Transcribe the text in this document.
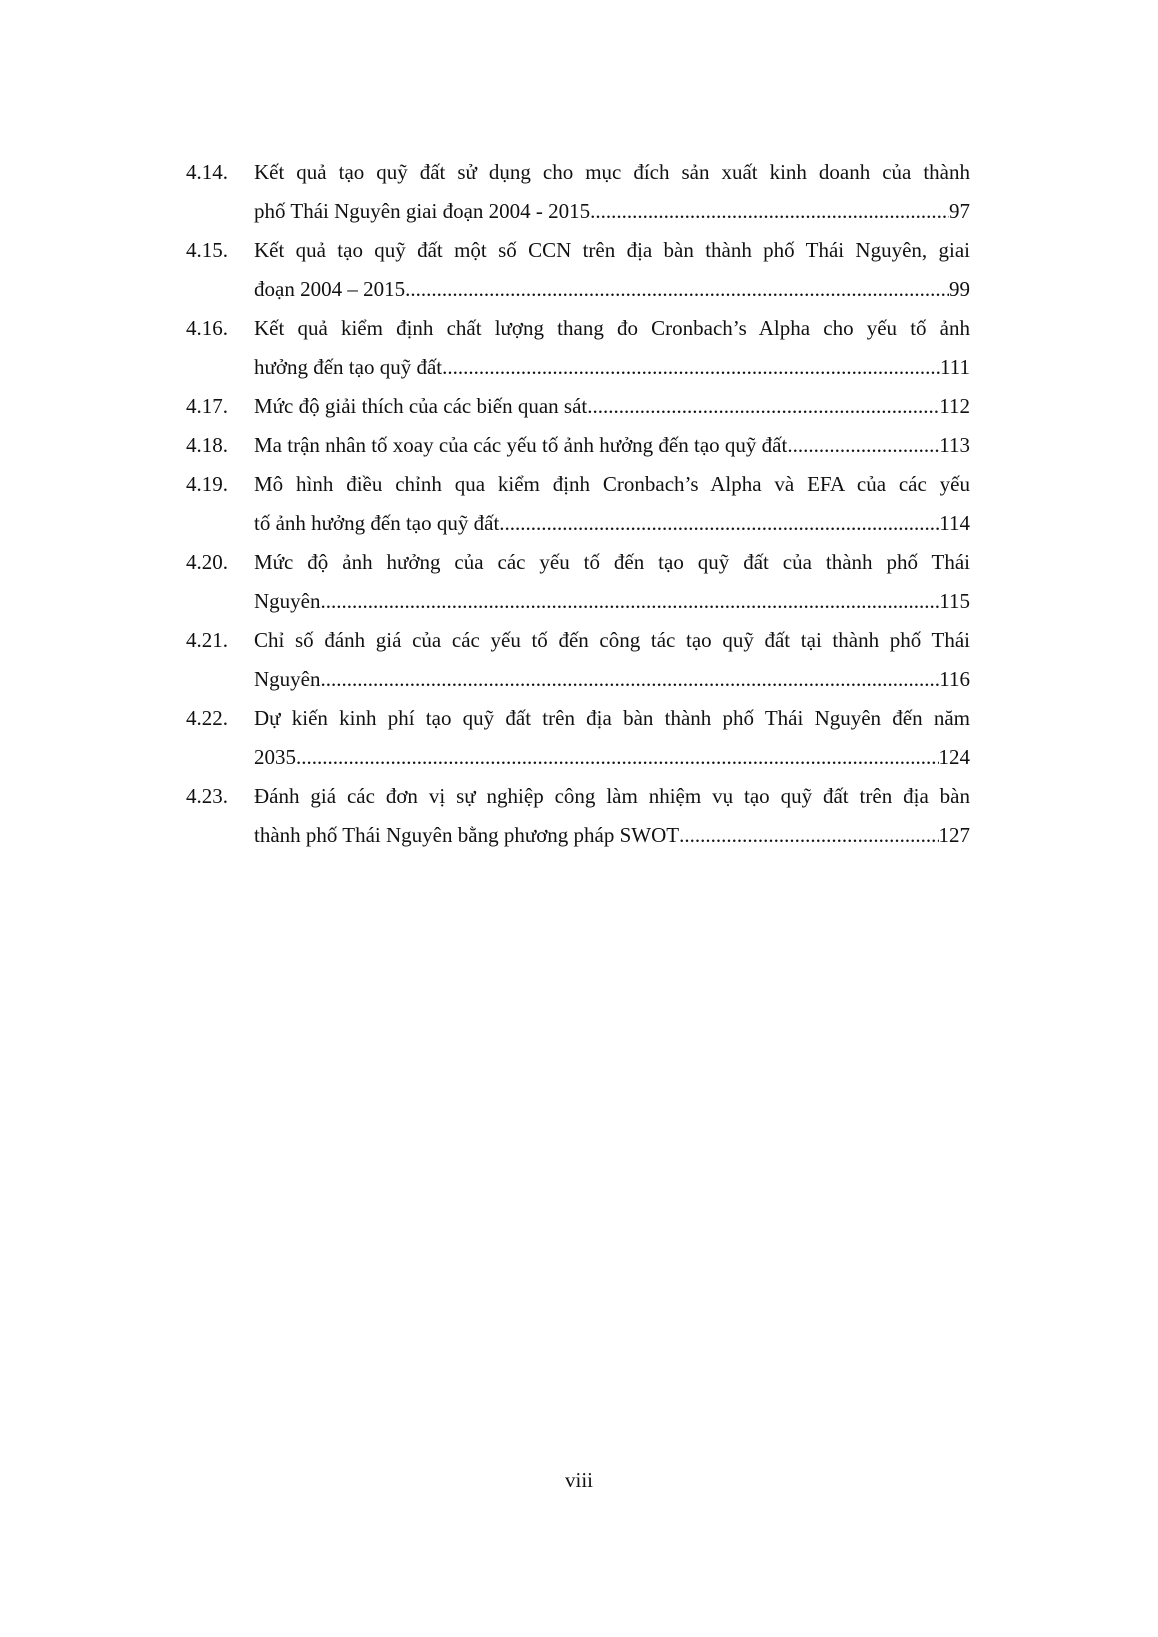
4.14.	Kết quả tạo quỹ đất sử dụng cho mục đích sản xuất kinh doanh của thành
phố Thái Nguyên giai đoạn 2004 - 2015 .....	97
4.15.	Kết quả tạo quỹ đất một số CCN trên địa bàn thành phố Thái Nguyên, giai
đoạn 2004 – 2015 .....	99
4.16.	Kết quả kiểm định chất lượng thang đo Cronbach’s Alpha cho yếu tố ảnh
hưởng đến tạo quỹ đất .....	111
4.17.	Mức độ giải thích của các biến quan sát .....	112
4.18.	Ma trận nhân tố xoay của các yếu tố ảnh hưởng đến tạo quỹ đất .....	113
4.19.	Mô hình điều chỉnh qua kiểm định Cronbach’s Alpha và EFA của các yếu
tố ảnh hưởng đến tạo quỹ đất .....	114
4.20.	Mức độ ảnh hưởng của các yếu tố đến tạo quỹ đất của thành phố Thái
Nguyên .....	115
4.21.	Chỉ số đánh giá của các yếu tố đến công tác tạo quỹ đất tại thành phố Thái
Nguyên .....	116
4.22.	Dự kiến kinh phí tạo quỹ đất trên địa bàn thành phố Thái Nguyên đến năm
2035 .....	124
4.23.	Đánh giá các đơn vị sự nghiệp công làm nhiệm vụ tạo quỹ đất trên địa bàn
thành phố Thái Nguyên bằng phương pháp SWOT .....	127
viii
